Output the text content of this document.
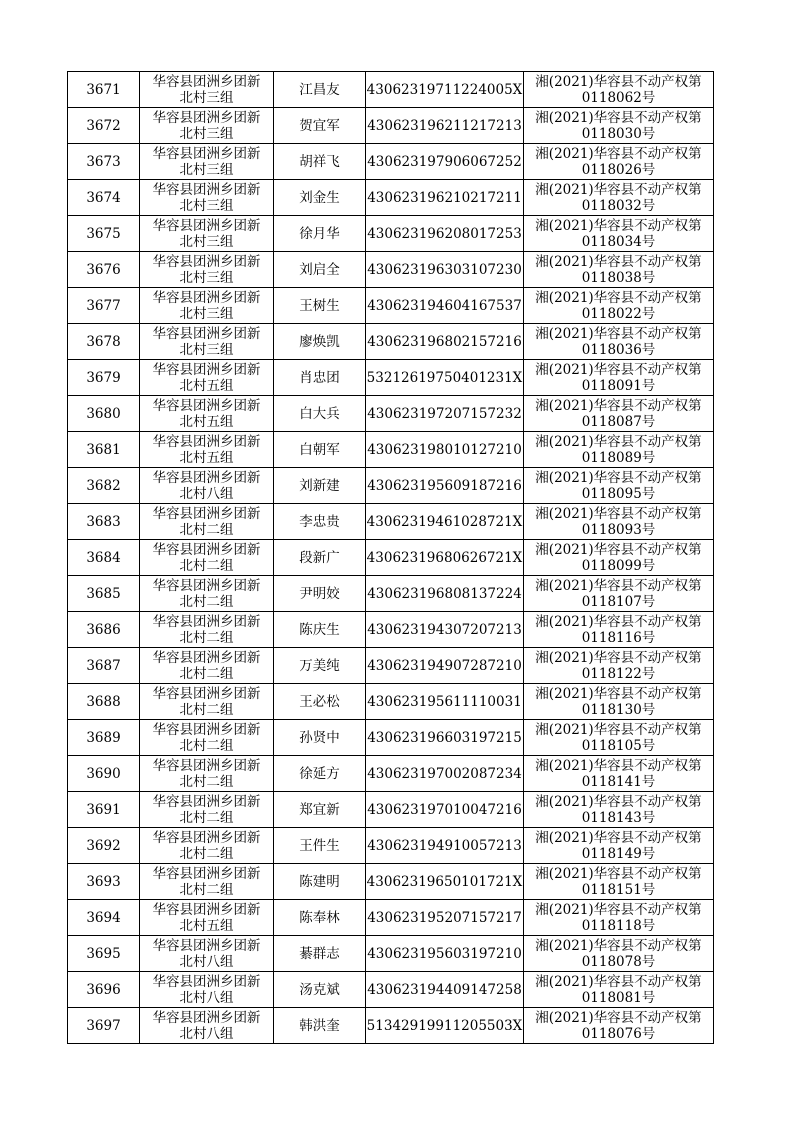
3671	华容县团洲乡团新
北村三组	江昌友	43062319711224005X	湘(2021)华容县不动产权第
0118062号

3672	华容县团洲乡团新
北村三组	贺宜军	430623196211217213	湘(2021)华容县不动产权第
0118030号

3673	华容县团洲乡团新
北村三组	胡祥飞	430623197906067252	湘(2021)华容县不动产权第
0118026号

3674	华容县团洲乡团新
北村三组	刘金生	430623196210217211	湘(2021)华容县不动产权第
0118032号

3675	华容县团洲乡团新
北村三组	徐月华	430623196208017253	湘(2021)华容县不动产权第
0118034号

3676	华容县团洲乡团新
北村三组	刘启全	430623196303107230	湘(2021)华容县不动产权第
0118038号

3677	华容县团洲乡团新
北村三组	王树生	430623194604167537	湘(2021)华容县不动产权第
0118022号

3678	华容县团洲乡团新
北村三组	廖焕凯	430623196802157216	湘(2021)华容县不动产权第
0118036号

3679	华容县团洲乡团新
北村五组	肖忠团	53212619750401231X	湘(2021)华容县不动产权第
0118091号

3680	华容县团洲乡团新
北村五组	白大兵	430623197207157232	湘(2021)华容县不动产权第
0118087号

3681	华容县团洲乡团新
北村五组	白朝军	430623198010127210	湘(2021)华容县不动产权第
0118089号

3682	华容县团洲乡团新
北村八组	刘新建	430623195609187216	湘(2021)华容县不动产权第
0118095号

3683	华容县团洲乡团新
北村二组	李忠贵	43062319461028721X	湘(2021)华容县不动产权第
0118093号

3684	华容县团洲乡团新
北村二组	段新广	43062319680626721X	湘(2021)华容县不动产权第
0118099号

3685	华容县团洲乡团新
北村二组	尹明姣	430623196808137224	湘(2021)华容县不动产权第
0118107号

3686	华容县团洲乡团新
北村二组	陈庆生	430623194307207213	湘(2021)华容县不动产权第
0118116号

3687	华容县团洲乡团新
北村二组	万美纯	430623194907287210	湘(2021)华容县不动产权第
0118122号

3688	华容县团洲乡团新
北村二组	王必松	430623195611110031	湘(2021)华容县不动产权第
0118130号

3689	华容县团洲乡团新
北村二组	孙贤中	430623196603197215	湘(2021)华容县不动产权第
0118105号

3690	华容县团洲乡团新
北村二组	徐延方	430623197002087234	湘(2021)华容县不动产权第
0118141号

3691	华容县团洲乡团新
北村二组	郑宜新	430623197010047216	湘(2021)华容县不动产权第
0118143号

3692	华容县团洲乡团新
北村二组	王件生	430623194910057213	湘(2021)华容县不动产权第
0118149号

3693	华容县团洲乡团新
北村二组	陈建明	43062319650101721X	湘(2021)华容县不动产权第
0118151号

3694	华容县团洲乡团新
北村五组	陈奉林	430623195207157217	湘(2021)华容县不动产权第
0118118号

3695	华容县团洲乡团新
北村八组	綦群志	430623195603197210	湘(2021)华容县不动产权第
0118078号

3696	华容县团洲乡团新
北村八组	汤克斌	430623194409147258	湘(2021)华容县不动产权第
0118081号

3697	华容县团洲乡团新
北村八组	韩洪奎	51342919911205503X	湘(2021)华容县不动产权第
0118076号
